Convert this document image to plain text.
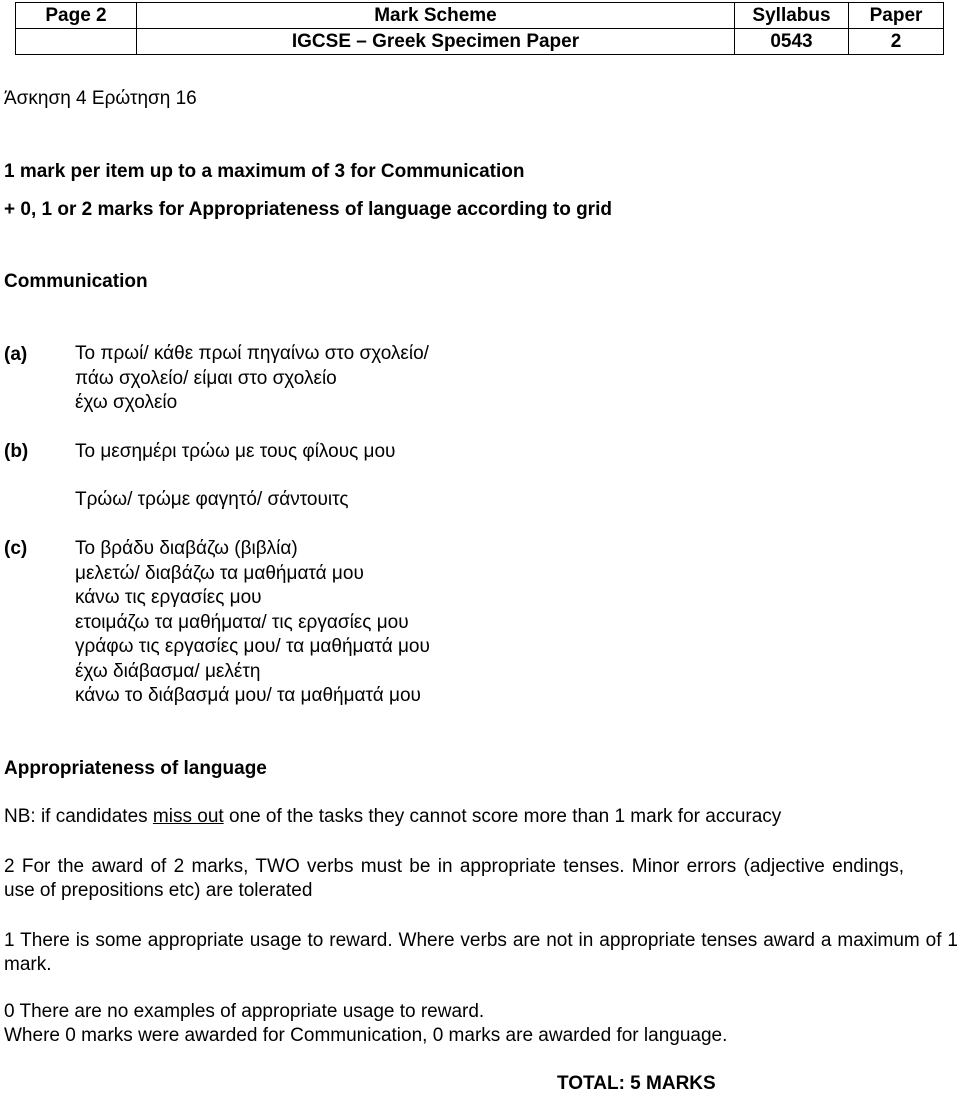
Page 2	Mark Scheme	Syllabus	Paper
	IGCSE – Greek Specimen Paper	0543	2
Άσκηση 4 Ερώτηση 16
1 mark per item up to a maximum of 3 for Communication
+ 0, 1 or 2 marks for Appropriateness of language according to grid
Communication
(a)	Το πρωί/ κάθε πρωί πηγαίνω στο σχολείο/
πάω σχολείο/ είμαι στο σχολείο
έχω σχολείο
(b) Το μεσημέρι τρώω με τους φίλους μου
Τρώω/ τρώμε φαγητό/ σάντουιτς
(c)	Το βράδυ διαβάζω (βιβλία)
μελετώ/ διαβάζω τα μαθήματά μου
κάνω τις εργασίες μου
ετοιμάζω τα μαθήματα/ τις εργασίες μου
γράφω τις εργασίες μου/ τα μαθήματά μου
έχω διάβασμα/ μελέτη
κάνω το διάβασμά μου/ τα μαθήματά μου
Appropriateness of language
NB: if candidates miss out one of the tasks they cannot score more than 1 mark for accuracy
2 For the award of 2 marks, TWO verbs must be in appropriate tenses. Minor errors (adjective endings, use of prepositions etc) are tolerated
1 There is some appropriate usage to reward. Where verbs are not in appropriate tenses award a maximum of 1 mark.
0 There are no examples of appropriate usage to reward.
Where 0 marks were awarded for Communication, 0 marks are awarded for language.
TOTAL: 5 MARKS
